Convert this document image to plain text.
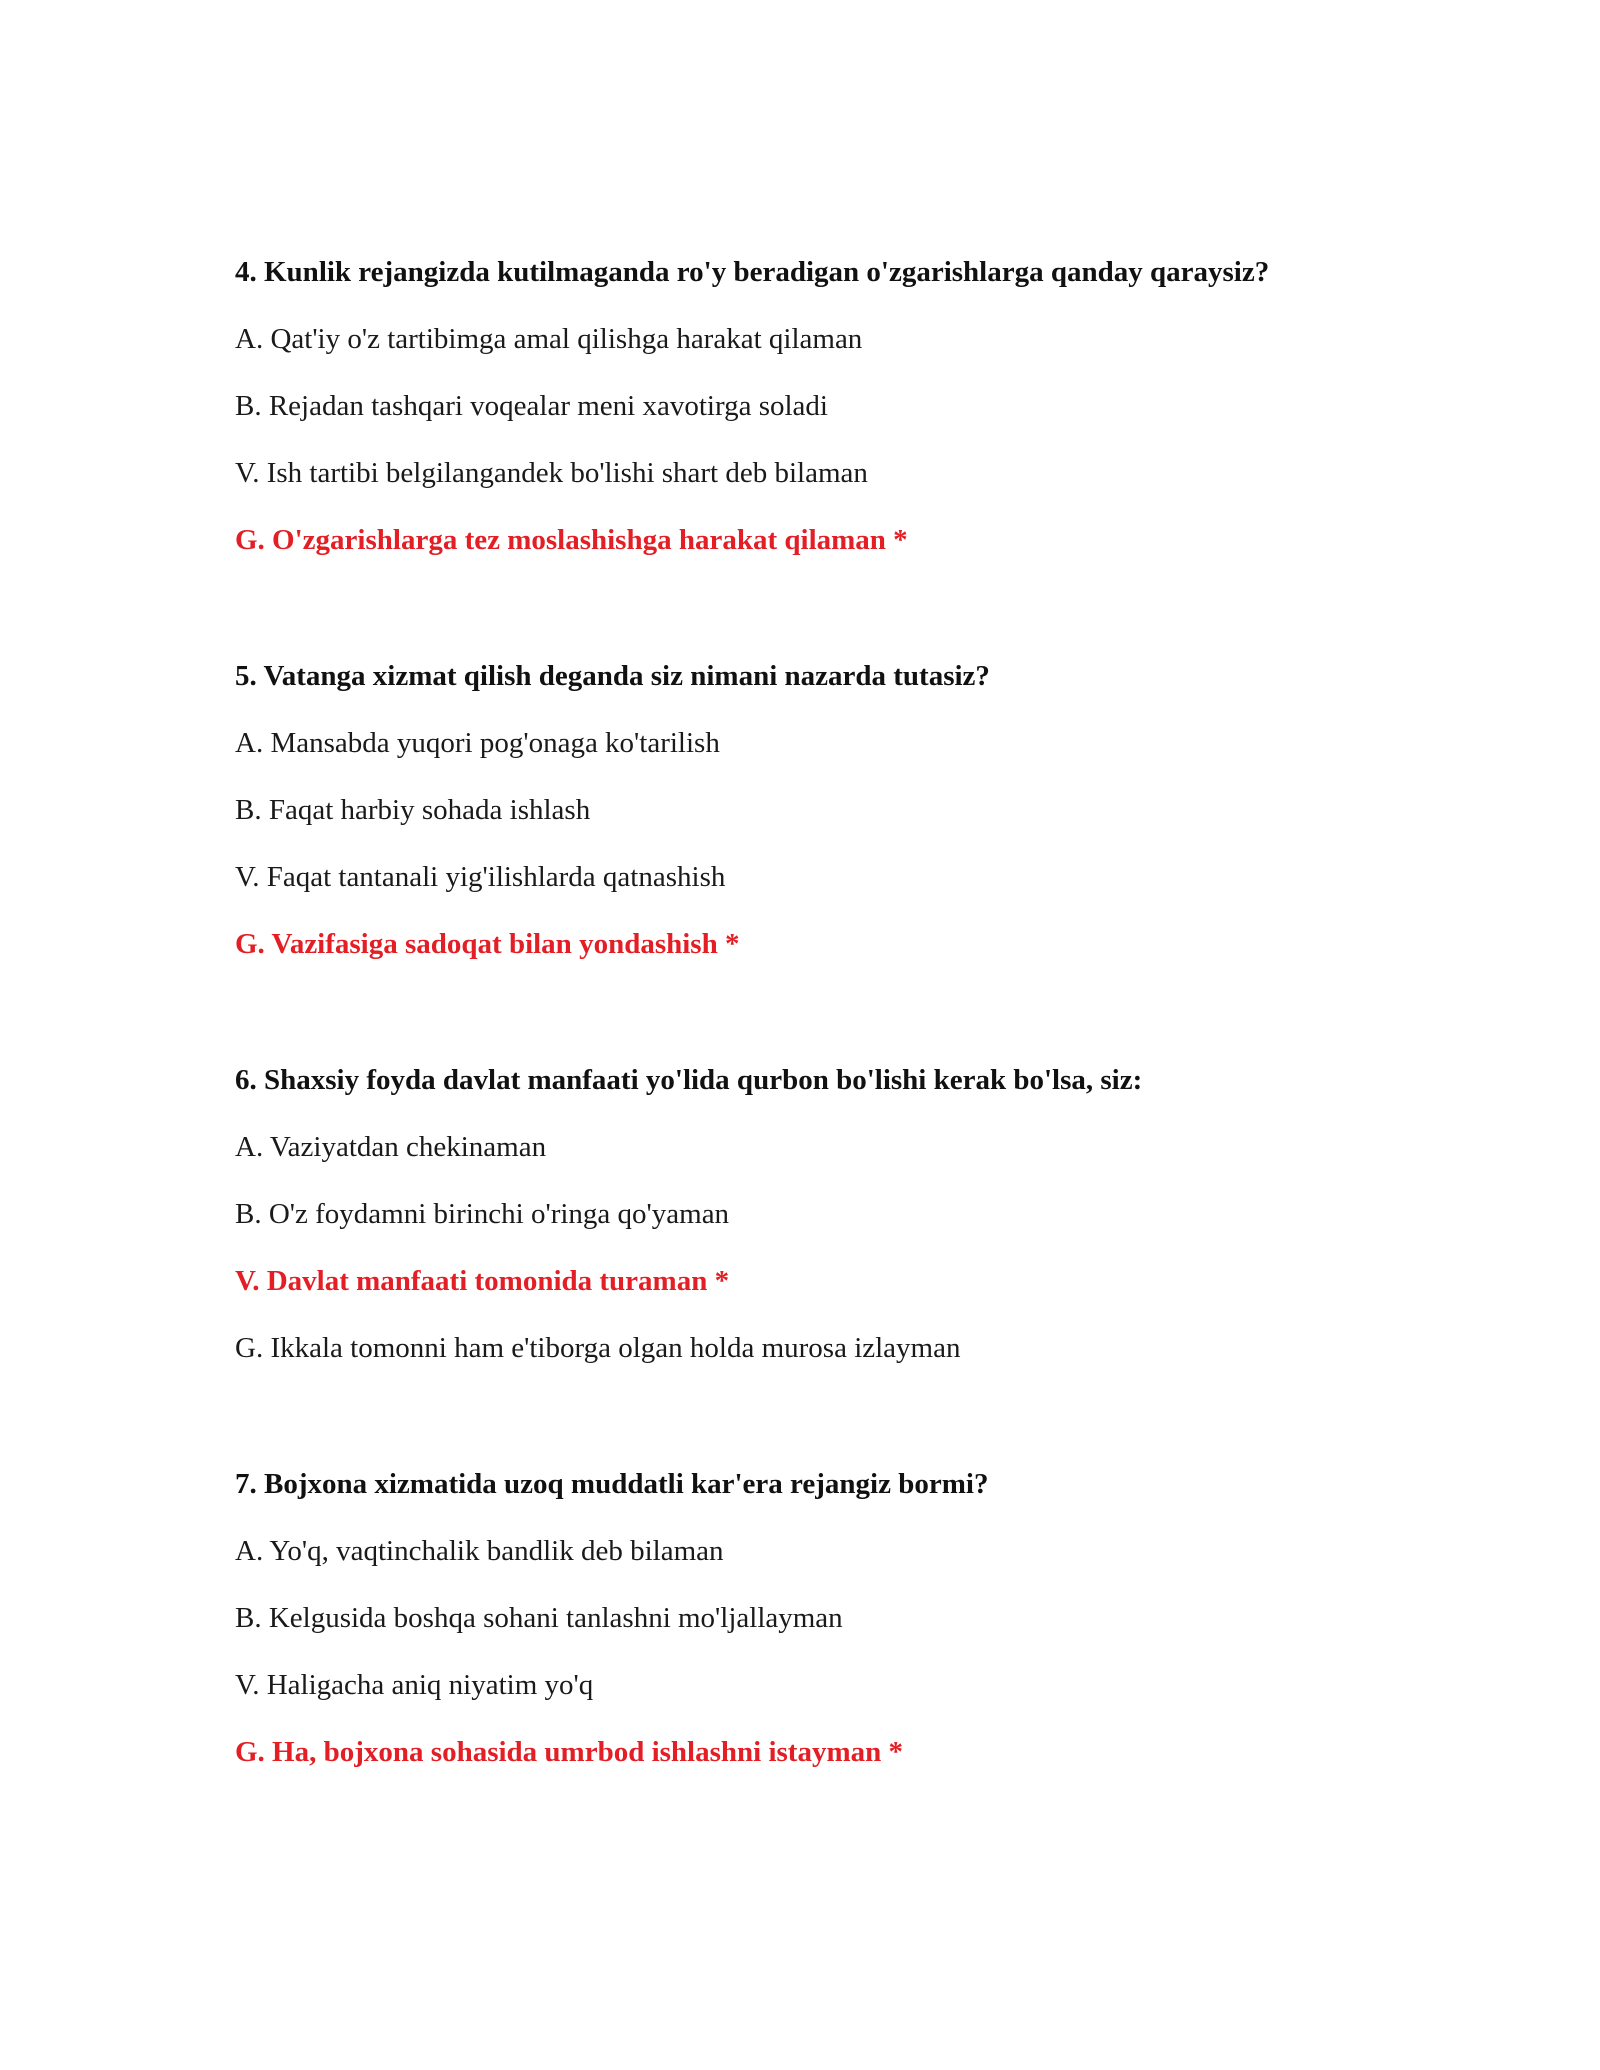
4. Kunlik rejangizda kutilmaganda ro'y beradigan o'zgarishlarga qanday qaraysiz?
A. Qat'iy o'z tartibimga amal qilishga harakat qilaman
B. Rejadan tashqari voqealar meni xavotirga soladi
V. Ish tartibi belgilangandek bo'lishi shart deb bilaman
G. O'zgarishlarga tez moslashishga harakat qilaman *
5. Vatanga xizmat qilish deganda siz nimani nazarda tutasiz?
A. Mansabda yuqori pog'onaga ko'tarilish
B. Faqat harbiy sohada ishlash
V. Faqat tantanali yig'ilishlarda qatnashish
G. Vazifasiga sadoqat bilan yondashish *
6. Shaxsiy foyda davlat manfaati yo'lida qurbon bo'lishi kerak bo'lsa, siz:
A. Vaziyatdan chekinaman
B. O'z foydamni birinchi o'ringa qo'yaman
V. Davlat manfaati tomonida turaman *
G. Ikkala tomonni ham e'tiborga olgan holda murosa izlayman
7. Bojxona xizmatida uzoq muddatli kar'era rejangiz bormi?
A. Yo'q, vaqtinchalik bandlik deb bilaman
B. Kelgusida boshqa sohani tanlashni mo'ljallayman
V. Haligacha aniq niyatim yo'q
G. Ha, bojxona sohasida umrbod ishlashni istayman *
